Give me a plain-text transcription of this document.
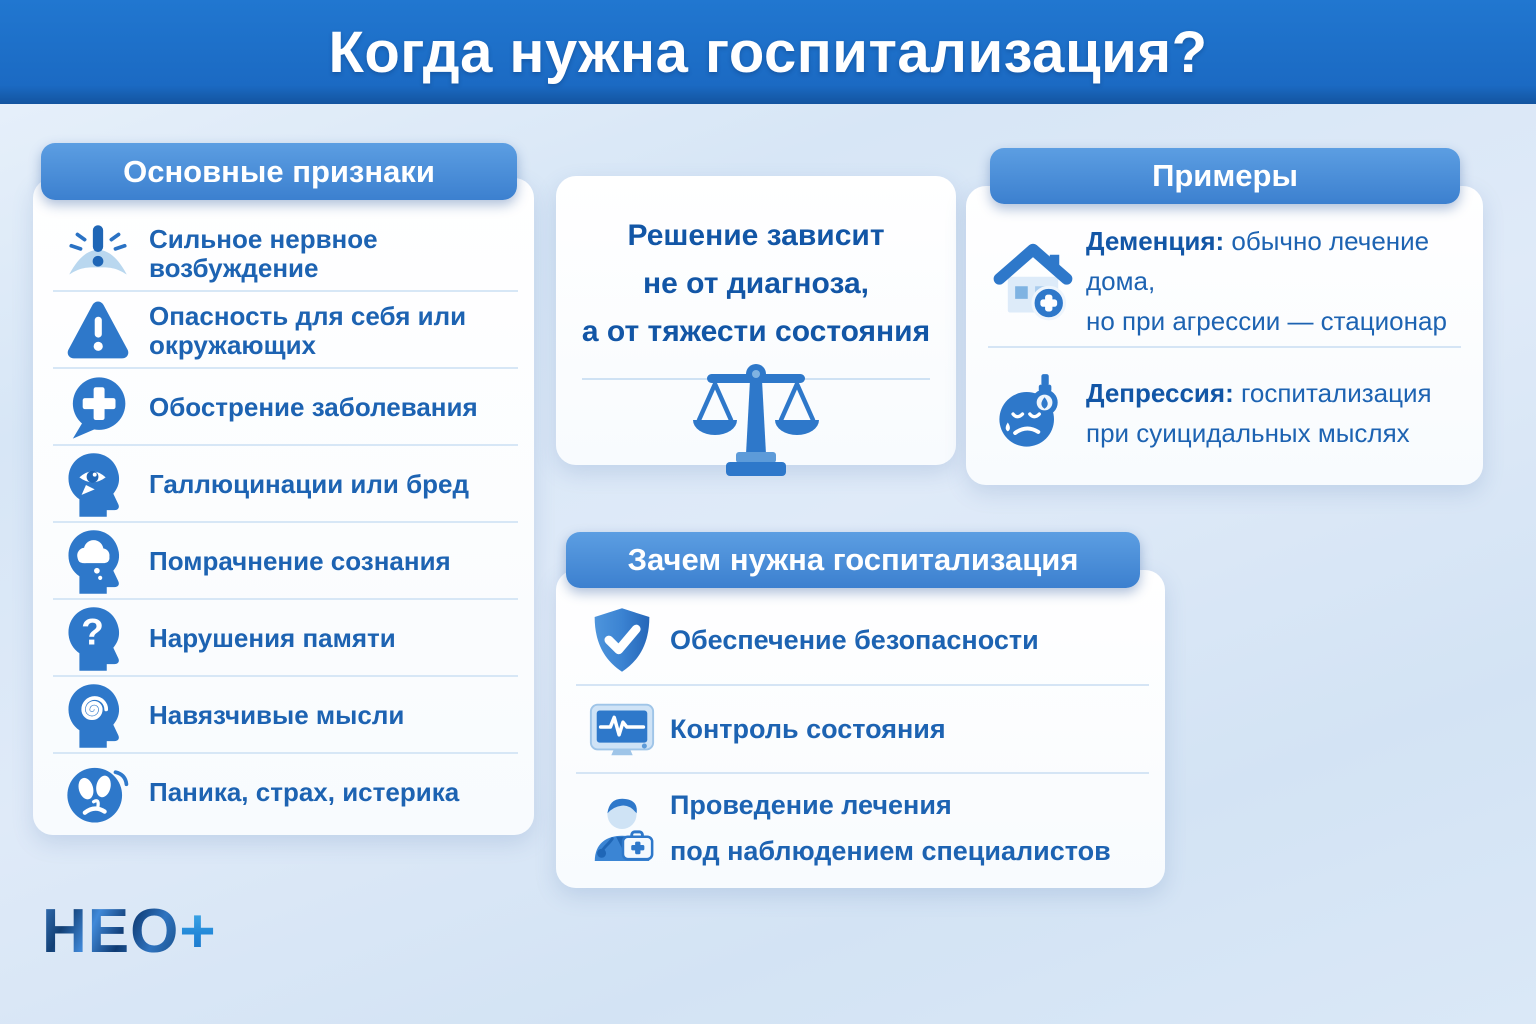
Когда нужна госпитализация?
Основные признаки
Сильное нервное возбуждение
Опасность для себя или окружающих
Обострение заболевания
Галлюцинации или бред
Помрачнение сознания
? Нарушения памяти
Навязчивые мысли
Паника, страх, истерика

Решение зависит
не от диагноза,
а от тяжести состояния

Примеры

Деменция: обычно лечение дома,
но при агрессии — стационар

Депрессия: госпитализация
при суицидальных мыслях

Зачем нужна госпитализация

Обеспечение безопасности

Контроль состояния

Проведение лечения
под наблюдением специалистов

НЕО+
